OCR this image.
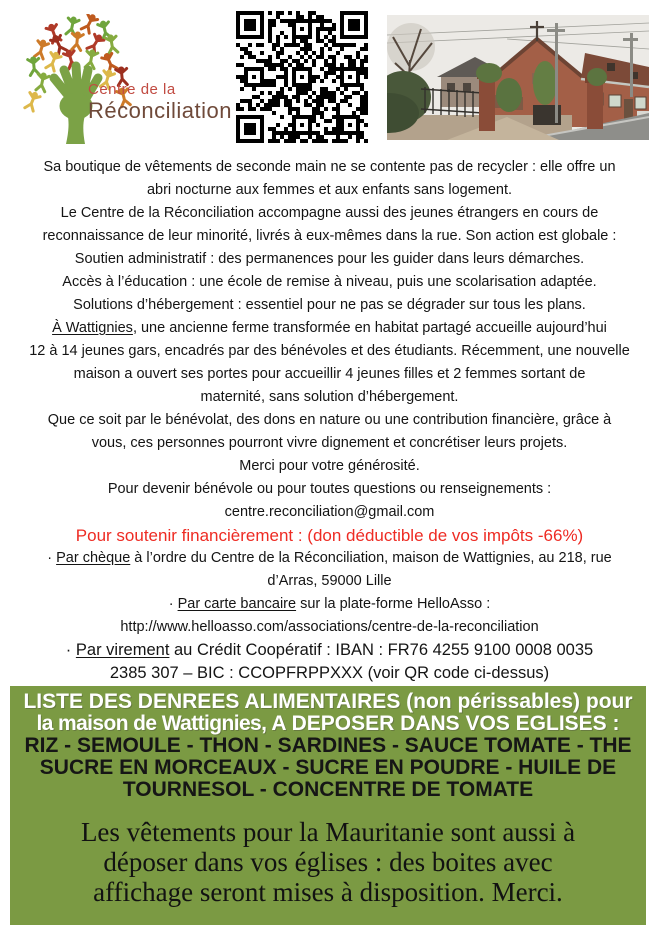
Centre de la
Réconciliation
Sa boutique de vêtements de seconde main ne se contente pas de recycler : elle offre un
abri nocturne aux femmes et aux enfants sans logement.
Le Centre de la Réconciliation accompagne aussi des jeunes étrangers en cours de
reconnaissance de leur minorité, livrés à eux-mêmes dans la rue. Son action est globale :
Soutien administratif : des permanences pour les guider dans leurs démarches.
Accès à l’éducation : une école de remise à niveau, puis une scolarisation adaptée.
Solutions d’hébergement : essentiel pour ne pas se dégrader sur tous les plans.
À Wattignies, une ancienne ferme transformée en habitat partagé accueille aujourd’hui
12 à 14 jeunes gars, encadrés par des bénévoles et des étudiants. Récemment, une nouvelle
maison a ouvert ses portes pour accueillir 4 jeunes filles et 2 femmes sortant de
maternité, sans solution d’hébergement.
Que ce soit par le bénévolat, des dons en nature ou une contribution financière, grâce à
vous, ces personnes pourront vivre dignement et concrétiser leurs projets.
Merci pour votre générosité.
Pour devenir bénévole ou pour toutes questions ou renseignements :
centre.reconciliation@gmail.com
Pour soutenir financièrement : (don déductible de vos impôts -66%)
· Par chèque à l’ordre du Centre de la Réconciliation, maison de Wattignies, au 218, rue
d’Arras, 59000 Lille
· Par carte bancaire sur la plate-forme HelloAsso :
http://www.helloasso.com/associations/centre-de-la-reconciliation
· Par virement au Crédit Coopératif : IBAN : FR76 4255 9100 0008 0035
2385 307 – BIC : CCOPFRPPXXX (voir QR code ci-dessus)
LISTE DES DENREES ALIMENTAIRES (non périssables) pour
la maison de Wattignies, A DEPOSER DANS VOS EGLISES :
RIZ - SEMOULE - THON - SARDINES - SAUCE TOMATE - THE
SUCRE EN MORCEAUX - SUCRE EN POUDRE - HUILE DE
TOURNESOL - CONCENTRE DE TOMATE
Les vêtements pour la Mauritanie sont aussi à
déposer dans vos églises : des boites avec
affichage seront mises à disposition. Merci.
